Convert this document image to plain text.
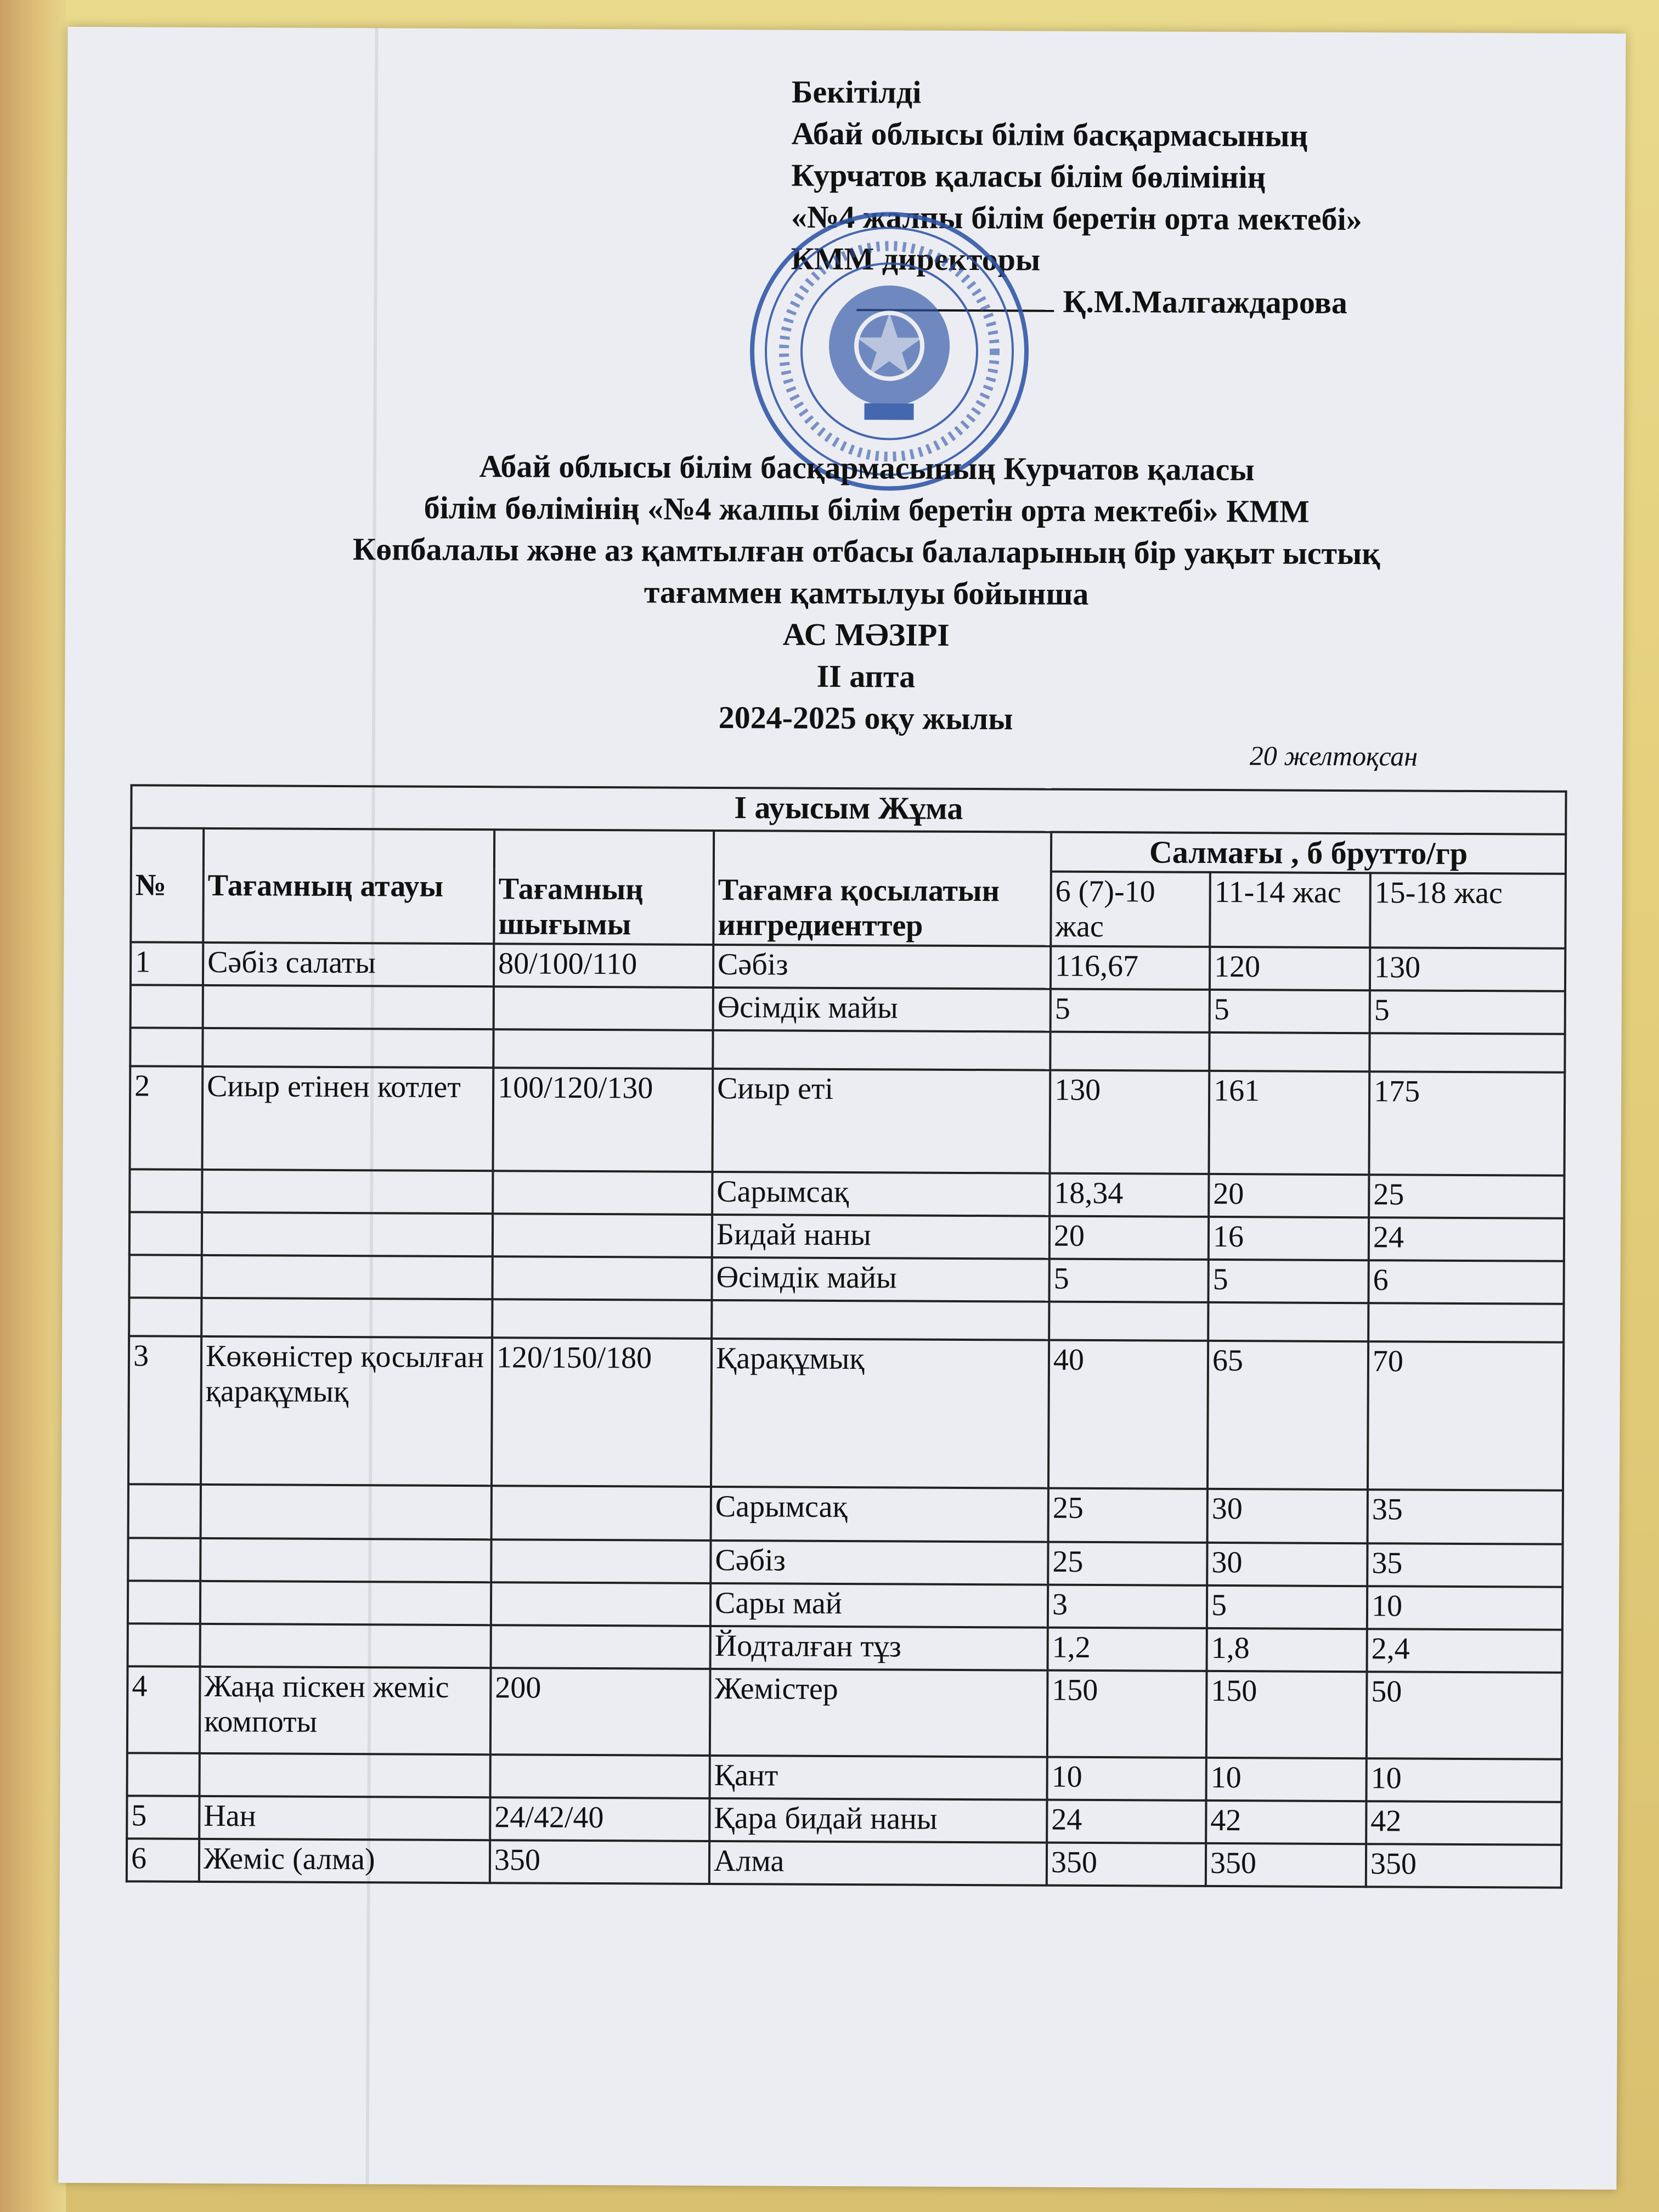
Бекітілді
Абай облысы білім басқармасының
Курчатов қаласы білім бөлімінің
«№4 жалпы білім беретін орта мектебі»
КММ директоры
Қ.М.Малгаждарова
Абай облысы білім басқармасының Курчатов қаласы
білім бөлімінің «№4 жалпы білім беретін орта мектебі» КММ
Көпбалалы және аз қамтылған отбасы балаларының бір уақыт ыстық
тағаммен қамтылуы бойынша
АС МӘЗІРІ
ІІ апта
2024-2025 оқу жылы
20 желтоқсан
І ауысым Жұма						
№	Тағамның атауы	Тағамның шығымы	Тағамға қосылатын ингредиенттер	Салмағы , б брутто/гр		
				6 (7)-10 жас	11-14 жас	15-18 жас
1	Сәбіз салаты	80/100/110	Сәбіз	116,67	120	130
			Өсімдік майы	5	5	5

2	Сиыр етінен котлет	100/120/130	Сиыр еті	130	161	175
			Сарымсақ	18,34	20	25
			Бидай наны	20	16	24
			Өсімдік майы	5	5	6

3	Көкөністер қосылған қарақұмық	120/150/180	Қарақұмық	40	65	70
			Сарымсақ	25	30	35
			Сәбіз	25	30	35
			Сары май	3	5	10
			Йодталған тұз	1,2	1,8	2,4
4	Жаңа піскен жеміс компоты	200	Жемістер	150	150	50
			Қант	10	10	10
5	Нан	24/42/40	Қара бидай наны	24	42	42
6	Жеміс (алма)	350	Алма	350	350	350
